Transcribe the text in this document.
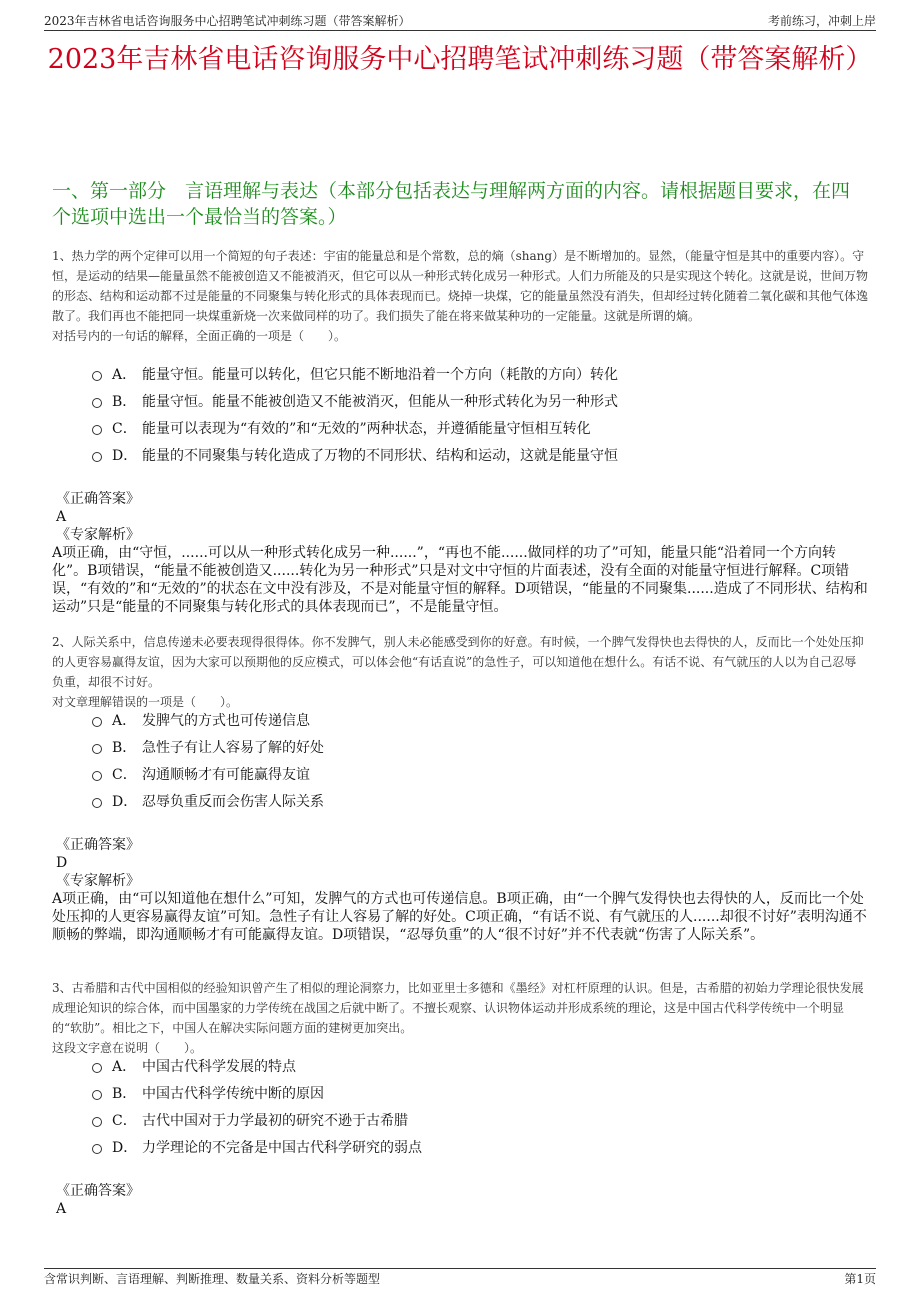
2023年吉林省电话咨询服务中心招聘笔试冲刺练习题（带答案解析）	考前练习，冲刺上岸
2023年吉林省电话咨询服务中心招聘笔试冲刺练习题（带答案解析）
一、第一部分　言语理解与表达（本部分包括表达与理解两方面的内容。请根据题目要求，在四个选项中选出一个最恰当的答案。）

1、热力学的两个定律可以用一个简短的句子表述：宇宙的能量总和是个常数，总的熵（shang）是不断增加的。显然，（能量守恒是其中的重要内容）。守恒，是运动的结果—能量虽然不能被创造又不能被消灭，但它可以从一种形式转化成另一种形式。人们力所能及的只是实现这个转化。这就是说，世间万物的形态、结构和运动都不过是能量的不同聚集与转化形式的具体表现而已。烧掉一块煤，它的能量虽然没有消失，但却经过转化随着二氧化碳和其他气体逸散了。我们再也不能把同一块煤重新烧一次来做同样的功了。我们损失了能在将来做某种功的一定能量。这就是所谓的熵。

对括号内的一句话的解释，全面正确的一项是（　　）。

A． 能量守恒。能量可以转化，但它只能不断地沿着一个方向（耗散的方向）转化
B． 能量守恒。能量不能被创造又不能被消灭，但能从一种形式转化为另一种形式
C． 能量可以表现为“有效的”和“无效的”两种状态，并遵循能量守恒相互转化
D． 能量的不同聚集与转化造成了万物的不同形状、结构和运动，这就是能量守恒
《正确答案》
A
《专家解析》

A项正确，由“守恒，......可以从一种形式转化成另一种......”，“再也不能......做同样的功了”可知，能量只能“沿着同一个方向转化”。B项错误，“能量不能被创造又......转化为另一种形式”只是对文中守恒的片面表述，没有全面的对能量守恒进行解释。C项错误，“有效的”和“无效的”的状态在文中没有涉及，不是对能量守恒的解释。D项错误，“能量的不同聚集......造成了不同形状、结构和运动”只是“能量的不同聚集与转化形式的具体表现而已”，不是能量守恒。

2、人际关系中，信息传递未必要表现得很得体。你不发脾气，别人未必能感受到你的好意。有时候，一个脾气发得快也去得快的人，反而比一个处处压抑的人更容易赢得友谊，因为大家可以预期他的反应模式，可以体会他“有话直说”的急性子，可以知道他在想什么。有话不说、有气就压的人以为自己忍辱负重，却很不讨好。

对文章理解错误的一项是（　　）。

A． 发脾气的方式也可传递信息
B． 急性子有让人容易了解的好处
C． 沟通顺畅才有可能赢得友谊
D． 忍辱负重反而会伤害人际关系
《正确答案》
D
《专家解析》

A项正确，由“可以知道他在想什么”可知，发脾气的方式也可传递信息。B项正确，由“一个脾气发得快也去得快的人，反而比一个处处压抑的人更容易赢得友谊”可知。急性子有让人容易了解的好处。C项正确，“有话不说、有气就压的人......却很不讨好”表明沟通不顺畅的弊端，即沟通顺畅才有可能赢得友谊。D项错误，“忍辱负重”的人“很不讨好”并不代表就“伤害了人际关系”。

3、古希腊和古代中国相似的经验知识曾产生了相似的理论洞察力，比如亚里士多德和《墨经》对杠杆原理的认识。但是，古希腊的初始力学理论很快发展成理论知识的综合体，而中国墨家的力学传统在战国之后就中断了。不擅长观察、认识物体运动并形成系统的理论，这是中国古代科学传统中一个明显的“软肋”。相比之下，中国人在解决实际问题方面的建树更加突出。

这段文字意在说明（　　）。

A． 中国古代科学发展的特点
B． 中国古代科学传统中断的原因
C． 古代中国对于力学最初的研究不逊于古希腊
D． 力学理论的不完备是中国古代科学研究的弱点
《正确答案》
A
含常识判断、言语理解、判断推理、数量关系、资料分析等题型	第1页
